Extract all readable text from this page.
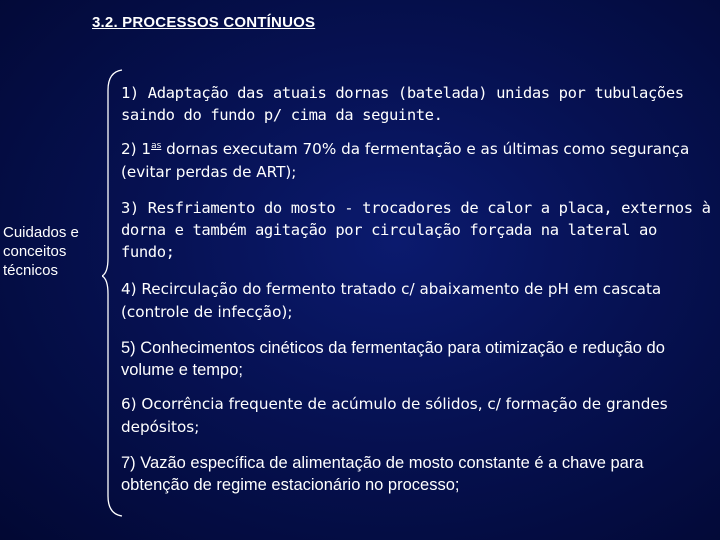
3.2. PROCESSOS CONTÍNUOS
Cuidados e
conceitos
técnicos
1) Adaptação das atuais dornas (batelada) unidas por tubulações saindo do fundo p/ cima da seguinte.
2) $1^{as}$ dornas executam 70% da fermentação e as últimas como segurança (evitar perdas de ART);
3) Resfriamento do mosto - trocadores de calor a placa, externos à dorna e também agitação por circulação forçada na lateral ao fundo;
4) Recirculação do fermento tratado c/ abaixamento de pH em cascata (controle de infecção);
5) Conhecimentos cinéticos da fermentação para otimização e redução do volume e tempo;
6) Ocorrência frequente de acúmulo de sólidos, c/ formação de grandes depósitos;
7) Vazão específica de alimentação de mosto constante é a chave para obtenção de regime estacionário no processo;
